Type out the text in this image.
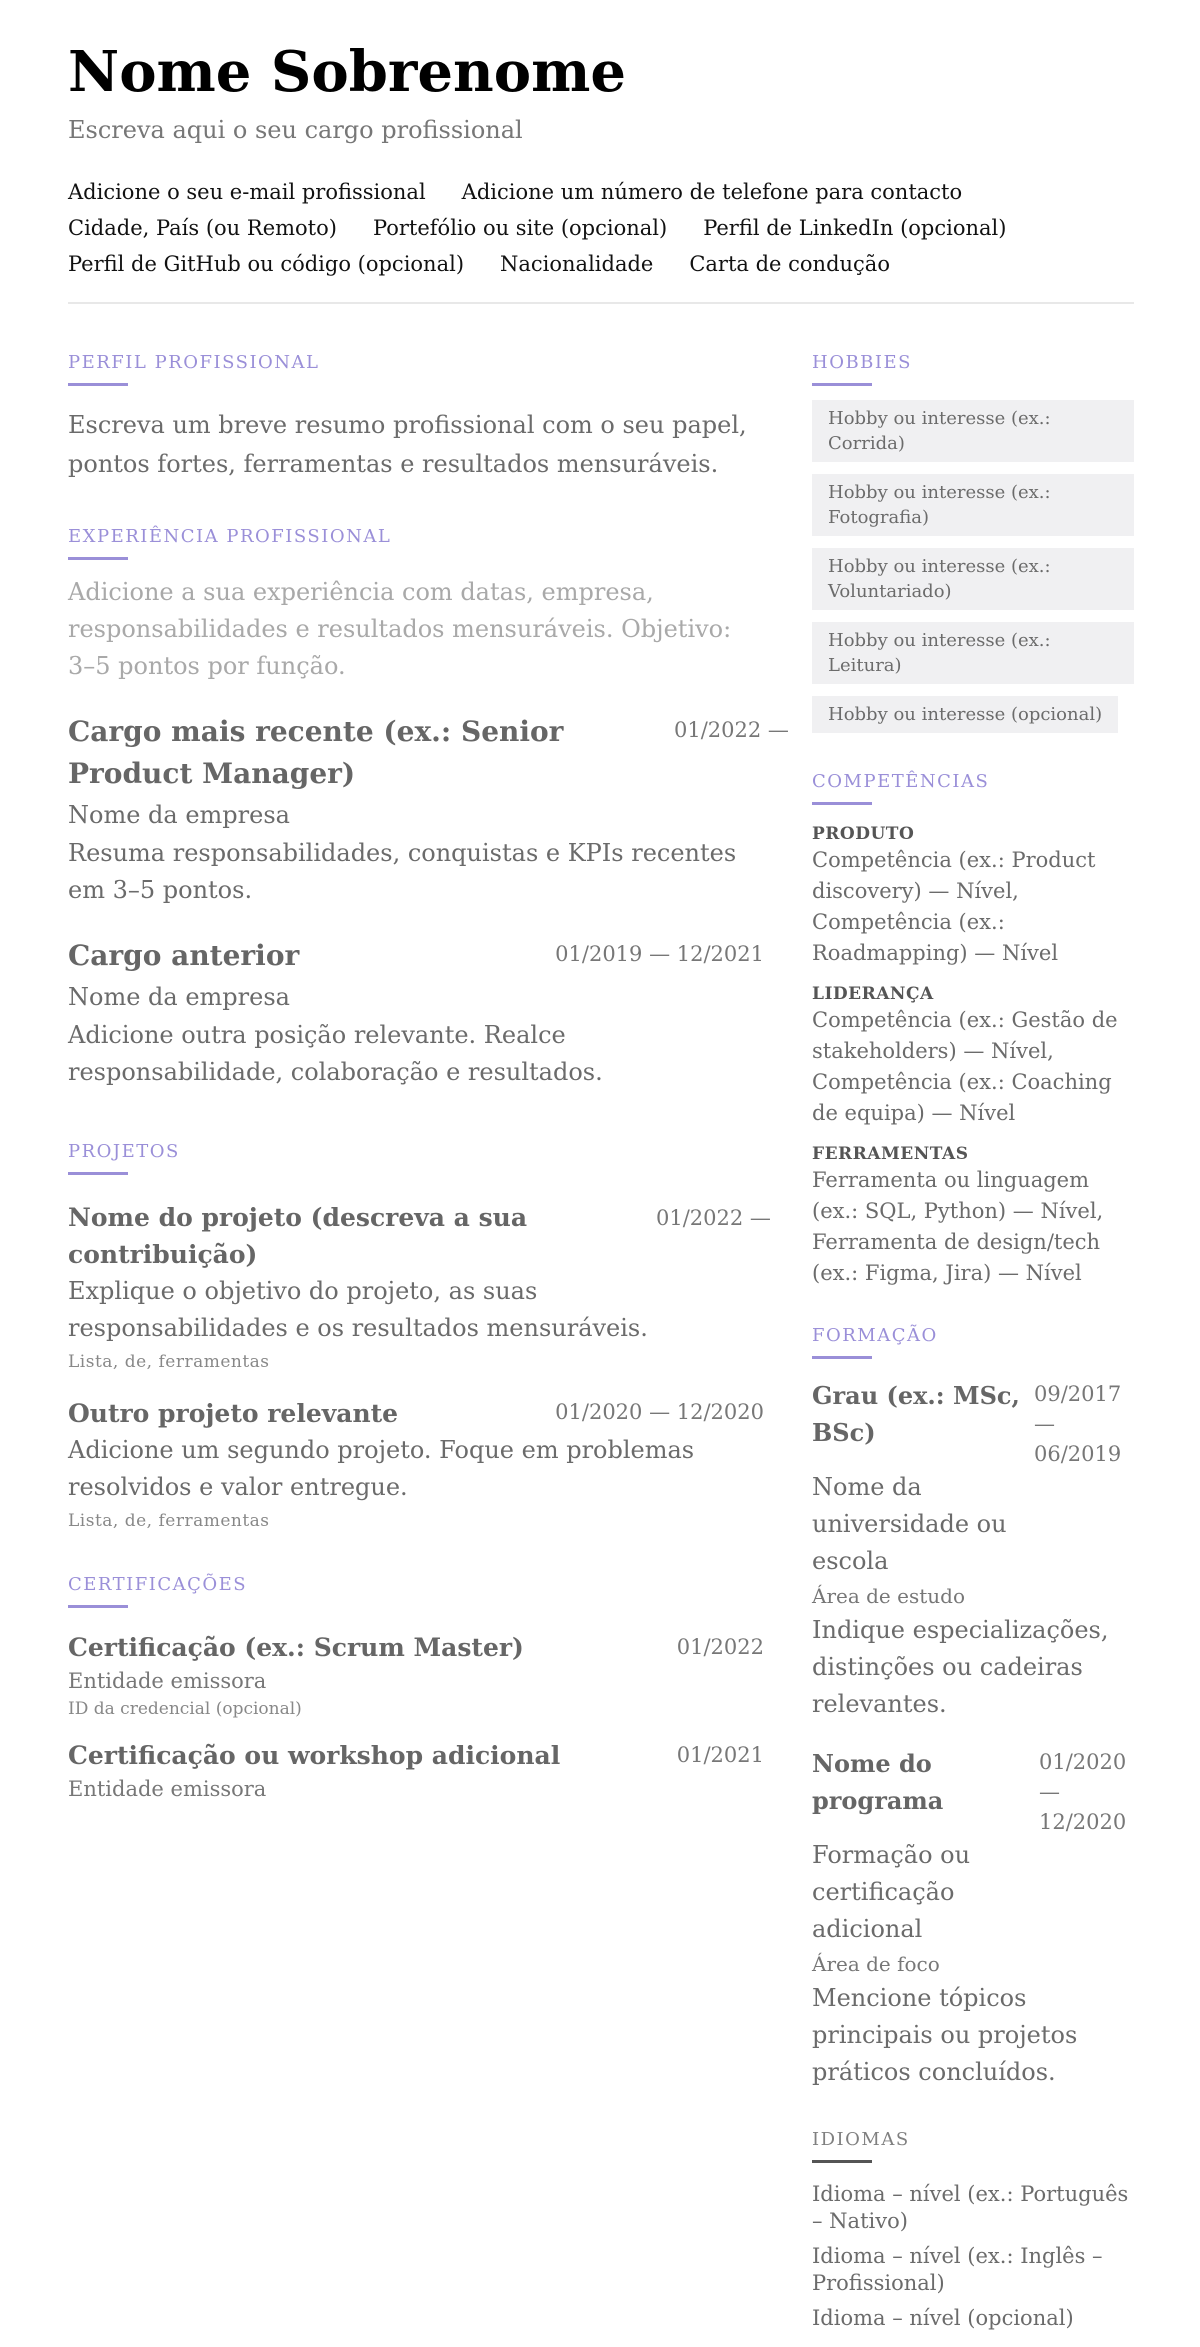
Nome Sobrenome
Escreva aqui o seu cargo profissional
Adicione o seu e-mail profissional Adicione um número de telefone para contacto
Cidade, País (ou Remoto) Portefólio ou site (opcional) Perfil de LinkedIn (opcional)
Perfil de GitHub ou código (opcional) Nacionalidade Carta de condução
PERFIL PROFISSIONAL

Escreva um breve resumo profissional com o seu papel, pontos fortes, ferramentas e resultados mensuráveis.

EXPERIÊNCIA PROFISSIONAL

Adicione a sua experiência com datas, empresa, responsabilidades e resultados mensuráveis. Objetivo: 3–5 pontos por função.

Cargo mais recente (ex.: Senior Product Manager)
01/2022 —
Nome da empresa
Resuma responsabilidades, conquistas e KPIs recentes em 3–5 pontos.
Cargo anterior	01/2019 — 12/2021
Nome da empresa
Adicione outra posição relevante. Realce responsabilidade, colaboração e resultados.
PROJETOS
Nome do projeto (descreva a sua contribuição)
01/2022 —
Explique o objetivo do projeto, as suas responsabilidades e os resultados mensuráveis.
Lista, de, ferramentas
Outro projeto relevante	01/2020 — 12/2020
Adicione um segundo projeto. Foque em problemas resolvidos e valor entregue.
Lista, de, ferramentas
CERTIFICAÇÕES
Certificação (ex.: Scrum Master)	01/2022
Entidade emissora
ID da credencial (opcional)
Certificação ou workshop adicional	01/2021
Entidade emissora
HOBBIES
Hobby ou interesse (ex.: Corrida)
Hobby ou interesse (ex.: Fotografia)
Hobby ou interesse (ex.: Voluntariado)
Hobby ou interesse (ex.: Leitura)
Hobby ou interesse (opcional)
COMPETÊNCIAS
PRODUTO
Competência (ex.: Product discovery) — Nível, Competência (ex.: Roadmapping) — Nível
LIDERANÇA
Competência (ex.: Gestão de stakeholders) — Nível, Competência (ex.: Coaching de equipa) — Nível
FERRAMENTAS
Ferramenta ou linguagem (ex.: SQL, Python) — Nível, Ferramenta de design/tech (ex.: Figma, Jira) — Nível
FORMAÇÃO
Grau (ex.: MSc, BSc)
09/2017 — 06/2019
Nome da universidade ou escola
Área de estudo
Indique especializações, distinções ou cadeiras relevantes.
Nome do programa
01/2020 — 12/2020
Formação ou certificação adicional
Área de foco
Mencione tópicos principais ou projetos práticos concluídos.
IDIOMAS
Idioma – nível (ex.: Português – Nativo)
Idioma – nível (ex.: Inglês – Profissional)
Idioma – nível (opcional)
